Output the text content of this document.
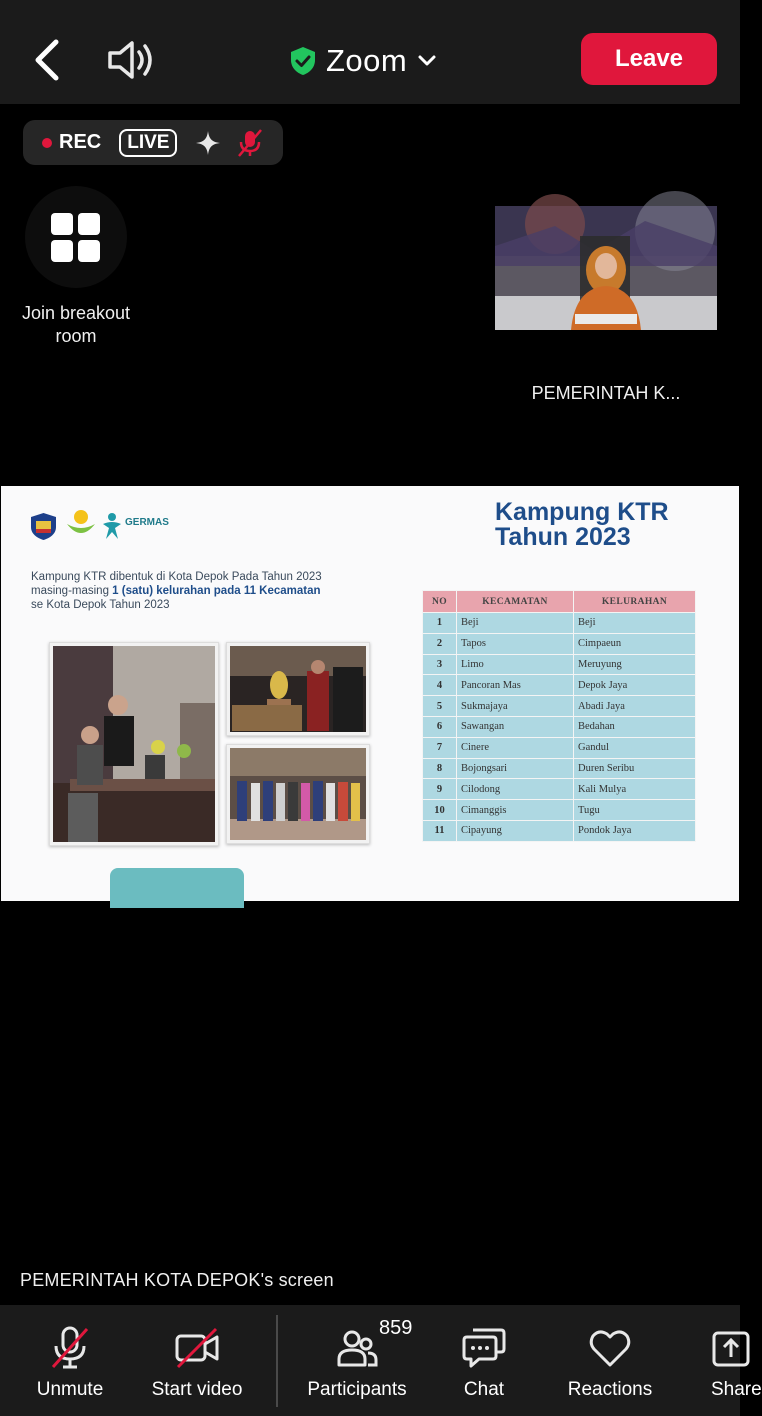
Zoom	Leave
REC	LIVE
Join breakout
room
PEMERINTAH K...
GERMAS	Kampung KTR
Tahun 2023
Kampung KTR dibentuk di Kota Depok Pada Tahun 2023
masing-masing 1 (satu) kelurahan pada 11 Kecamatan
se Kota Depok Tahun 2023	NO	KECAMATAN	KELURAHAN
1	Beji	Beji
2	Tapos	Cimpaeun
3	Limo	Meruyung
4	Pancoran Mas	Depok Jaya
5	Sukmajaya	Abadi Jaya
6	Sawangan	Bedahan
7	Cinere	Gandul
8	Bojongsari	Duren Seribu
9	Cilodong	Kali Mulya
10	Cimanggis	Tugu
11	Cipayung	Pondok Jaya
PEMERINTAH KOTA DEPOK's screen
Unmute	Start video	Participants
859
Chat	Reactions	Share
